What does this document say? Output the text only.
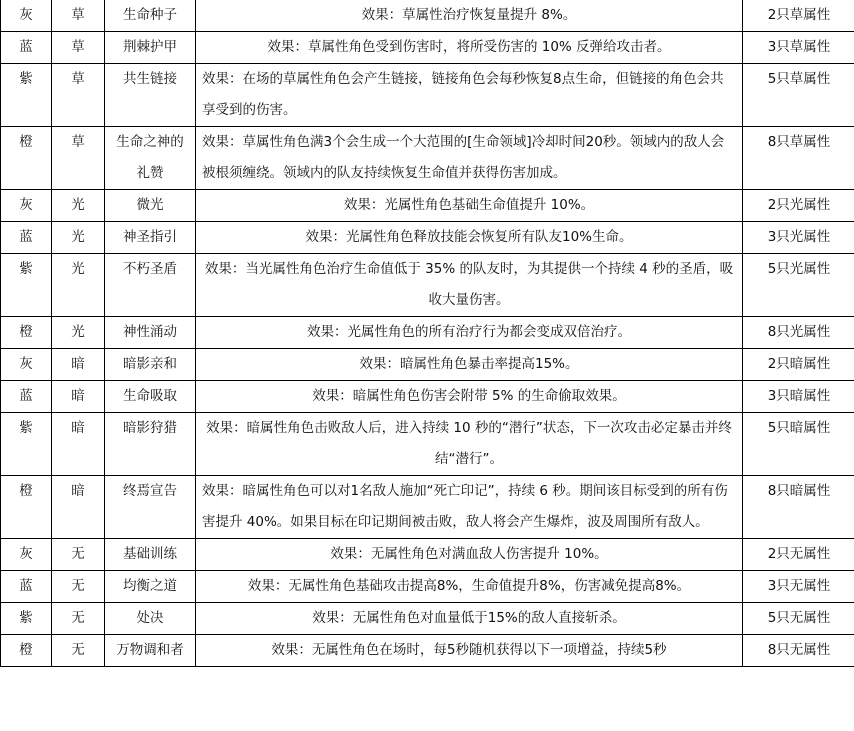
灰	草	生命种子	效果：草属性治疗恢复量提升 8%。	2只草属性
蓝	草	荆棘护甲	效果：草属性角色受到伤害时，将所受伤害的 10% 反弹给攻击者。	3只草属性
紫	草	共生链接	效果：在场的草属性角色会产生链接，链接角色会每秒恢复8点生命，但链接的角色会共享受到的伤害。	5只草属性
橙	草	生命之神的礼赞	效果：草属性角色满3个会生成一个大范围的[生命领域]冷却时间20秒。领域内的敌人会被根须缠绕。领域内的队友持续恢复生命值并获得伤害加成。	8只草属性
灰	光	微光	效果：光属性角色基础生命值提升 10%。	2只光属性
蓝	光	神圣指引	效果：光属性角色释放技能会恢复所有队友10%生命。	3只光属性
紫	光	不朽圣盾	效果：当光属性角色治疗生命值低于 35% 的队友时，为其提供一个持续 4 秒的圣盾，吸收大量伤害。	5只光属性
橙	光	神性涌动	效果：光属性角色的所有治疗行为都会变成双倍治疗。	8只光属性
灰	暗	暗影亲和	效果：暗属性角色暴击率提高15%。	2只暗属性
蓝	暗	生命吸取	效果：暗属性角色伤害会附带 5% 的生命偷取效果。	3只暗属性
紫	暗	暗影狩猎	效果：暗属性角色击败敌人后，进入持续 10 秒的“潜行”状态，下一次攻击必定暴击并终结“潜行”。	5只暗属性
橙	暗	终焉宣告	效果：暗属性角色可以对1名敌人施加“死亡印记”，持续 6 秒。期间该目标受到的所有伤害提升 40%。如果目标在印记期间被击败，敌人将会产生爆炸，波及周围所有敌人。	8只暗属性
灰	无	基础训练	效果：无属性角色对满血敌人伤害提升 10%。	2只无属性
蓝	无	均衡之道	效果：无属性角色基础攻击提高8%，生命值提升8%，伤害减免提高8%。	3只无属性
紫	无	处决	效果：无属性角色对血量低于15%的敌人直接斩杀。	5只无属性
橙	无	万物调和者	效果：无属性角色在场时，每5秒随机获得以下一项增益，持续5秒	8只无属性
